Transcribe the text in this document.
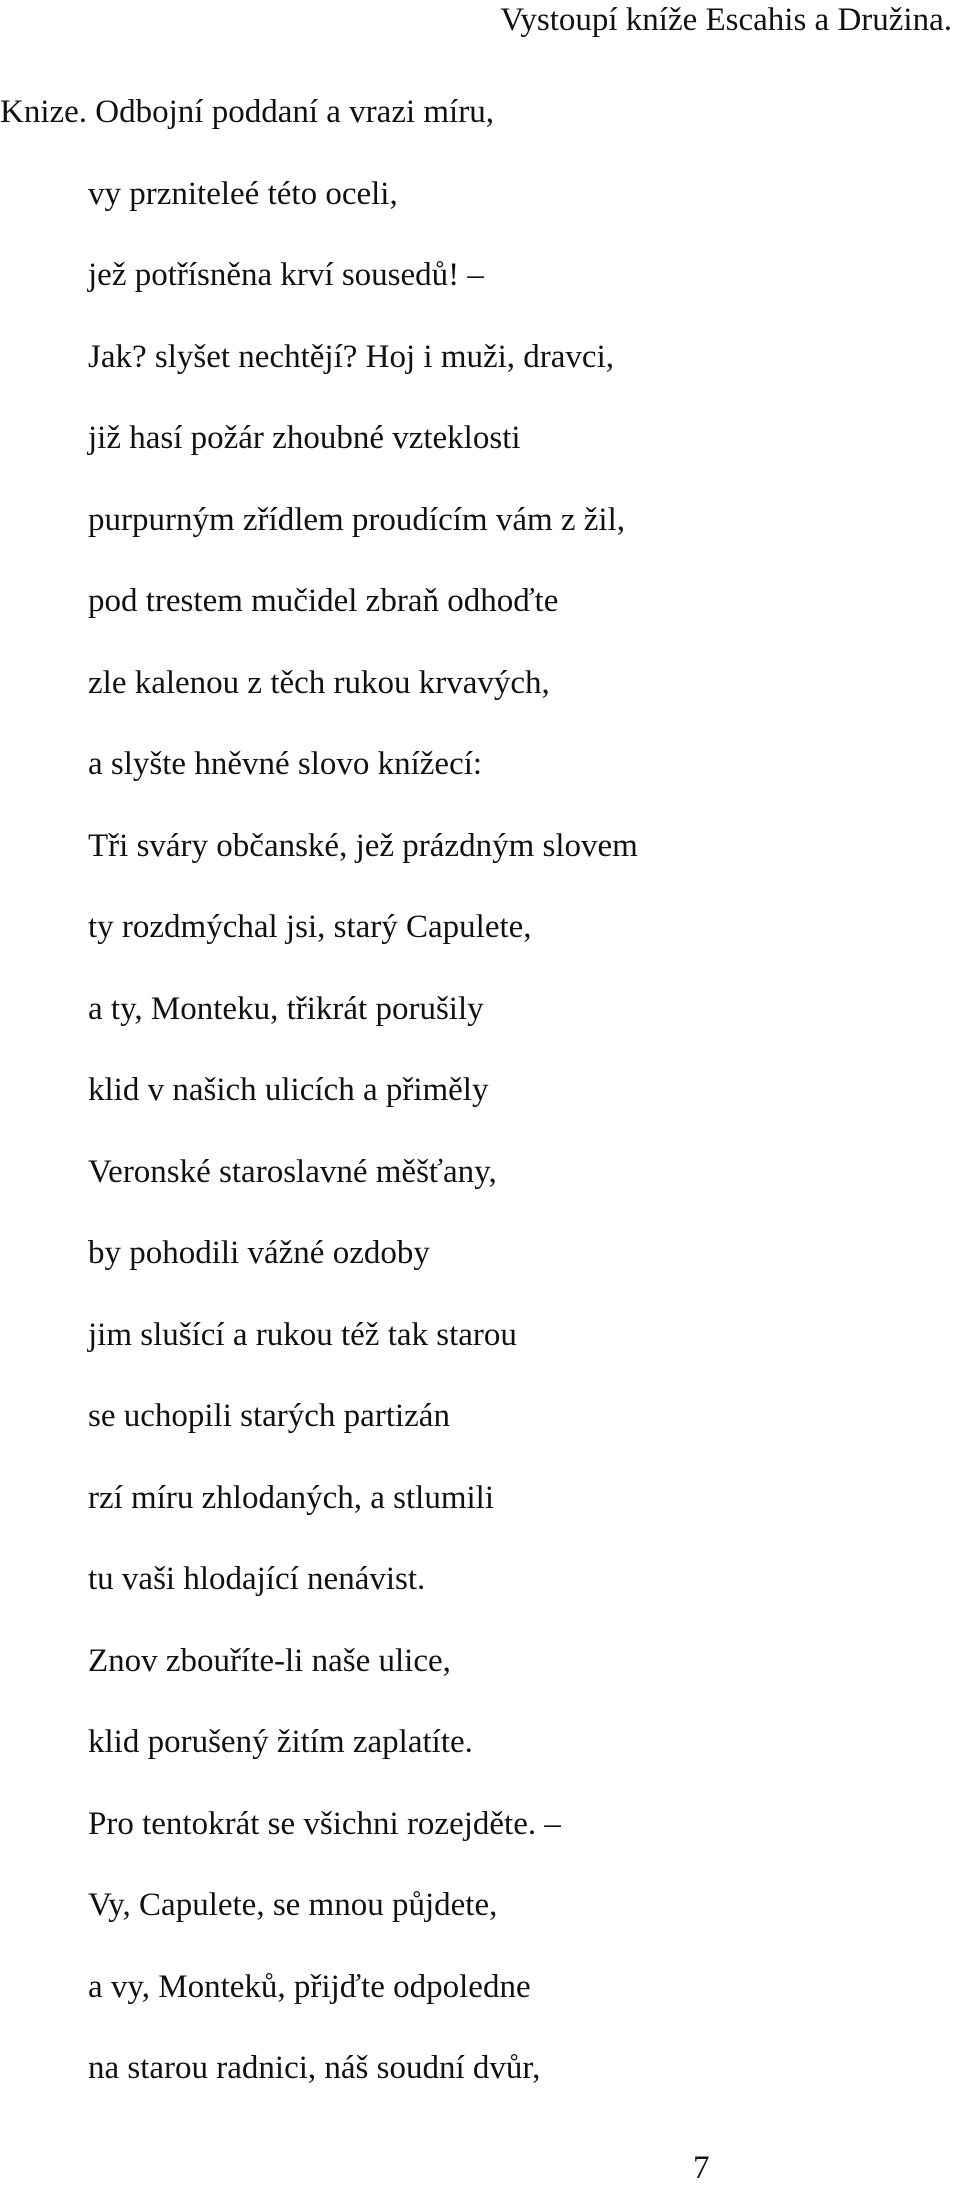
Vystoupí kníže Escahis a Družina.
Knize. Odbojní poddaní a vrazi míru,
vy przniteleé této oceli,
jež potřísněna krví sousedů! –
Jak? slyšet nechtějí? Hoj i muži, dravci,
již hasí požár zhoubné vzteklosti
purpurným zřídlem proudícím vám z žil,
pod trestem mučidel zbraň odhoďte
zle kalenou z těch rukou krvavých,
a slyšte hněvné slovo knížecí:
Tři sváry občanské, jež prázdným slovem
ty rozdmýchal jsi, starý Capulete,
a ty, Monteku, třikrát porušily
klid v našich ulicích a přiměly
Veronské staroslavné měšťany,
by pohodili vážné ozdoby
jim slušící a rukou též tak starou
se uchopili starých partizán
rzí míru zhlodaných, a stlumili
tu vaši hlodající nenávist.
Znov zbouříte-li naše ulice,
klid porušený žitím zaplatíte.
Pro tentokrát se všichni rozejděte. –
Vy, Capulete, se mnou půjdete,
a vy, Monteků, přijďte odpoledne
na starou radnici, náš soudní dvůr,
7
